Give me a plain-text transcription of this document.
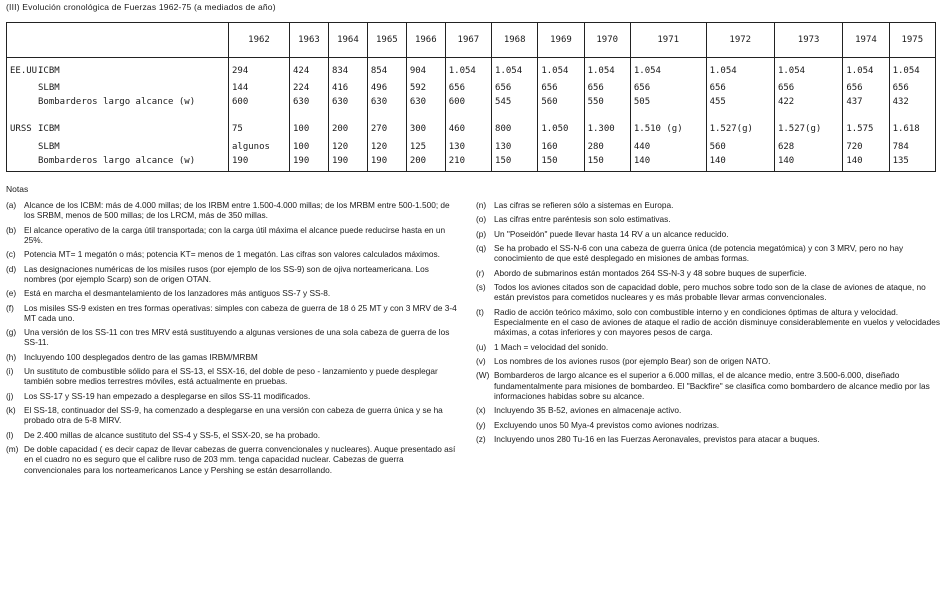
(III) Evolución cronológica de Fuerzas 1962-75 (a mediados de año)
	1962	1963	1964	1965	1966	1967	1968	1969	1970	1971	1972	1973	1974	1975
EE.UU.ICBM	294	424	834	854	904	1.054	1.054	1.054	1.054	1.054	1.054	1.054	1.054	1.054
SLBM	144	224	416	496	592	656	656	656	656	656	656	656	656	656
Bombarderos largo alcance (w)	600	630	630	630	630	600	545	560	550	505	455	422	437	432
URSS ICBM	75	100	200	270	300	460	800	1.050	1.300	1.510 (g)	1.527(g)	1.527(g)	1.575	1.618
SLBM	algunos	100	120	120	125	130	130	160	280	440	560	628	720	784
Bombarderos largo alcance (w)	190	190	190	190	200	210	150	150	150	140	140	140	140	135
Notas
(a) Alcance de los ICBM: más de 4.000 millas; de los IRBM entre 1.500-4.000 millas; de los MRBM entre 500-1.500; de los SRBM, menos de 500 millas; de los LRCM, más de 350 millas.
(b) El alcance operativo de la carga útil transportada; con la carga útil máxima el alcance puede reducirse hasta en un 25%.
(c)	Potencia MT= 1 megatón o más; potencia KT= menos de 1 megatón. Las cifras son valores calculados máximos.
(d) Las designaciones numéricas de los misiles rusos (por ejemplo de los SS-9) son de ojiva norteamericana. Los nombres (por ejemplo Scarp) son de origen OTAN.
(e) Está en marcha el desmantelamiento de los lanzadores más antiguos SS-7 y SS-8.
(f)	Los misiles SS-9 existen en tres formas operativas: simples con cabeza de guerra de 18 ó 25 MT y con 3 MRV de 3-4 MT cada uno.
(g) Una versión de los SS-11 con tres MRV está sustituyendo a algunas versiones de una sola cabeza de guerra de los SS-11.
(h) Incluyendo 100 desplegados dentro de las gamas IRBM/MRBM
(i)	Un sustituto de combustible sólido para el SS-13, el SSX-16, del doble de peso - lanzamiento y puede desplegar también sobre medios terrestres móviles, está actualmente en pruebas.
(j)	Los SS-17 y SS-19 han empezado a desplegarse en silos SS-11 modificados.
(k)	El SS-18, continuador del SS-9, ha comenzado a desplegarse en una versión con cabeza de guerra única y se ha probado otra de 5-8 MIRV.
(l)	De 2.400 millas de alcance sustituto del SS-4 y SS-5, el SSX-20, se ha probado.
(m) De doble capacidad ( es decir capaz de llevar cabezas de guerra convencionales y nucleares). Auque presentado así en el cuadro no es seguro que el calibre ruso de 203 mm. tenga capacidad nuclear. Cabezas de guerra convencionales para los norteamericanos Lance y Pershing se están desarrollando.
(n) Las cifras se refieren sólo a sistemas en Europa.
(o) Las cifras entre paréntesis son solo estimativas.
(p) Un "Poseidón" puede llevar hasta 14 RV a un alcance reducido.
(q) Se ha probado el SS-N-6 con una cabeza de guerra única (de potencia megatómica) y con 3 MRV, pero no hay conocimiento de que esté desplegado en misiones de ambas formas.
(r)	Abordo de submarinos están montados 264 SS-N-3 y 48 sobre buques de superficie.
(s)	Todos los aviones citados son de capacidad doble, pero muchos sobre todo son de la clase de aviones de ataque, no están previstos para cometidos nucleares y es más probable llevar armas convencionales.
(t)	Radio de acción teórico máximo, solo con combustible interno y en condiciones óptimas de altura y velocidad. Especialmente en el caso de aviones de ataque el radio de acción disminuye considerablemente en vuelos y velocidades máximas, a cotas inferiores y con mayores pesos de carga.
(u) 1 Mach = velocidad del sonido.
(v)	Los nombres de los aviones rusos (por ejemplo Bear) son de origen NATO.
(W) Bombarderos de largo alcance es el superior a 6.000 millas, el de alcance medio, entre 3.500-6.000, diseñado fundamentalmente para misiones de bombardeo. El "Backfire" se clasifica como bombardero de alcance medio por las informaciones habidas sobre su alcance.
(x)	Incluyendo 35 B-52, aviones en almacenaje activo.
(y)	Excluyendo unos 50 Mya-4 previstos como aviones nodrizas.
(z)	Incluyendo unos 280 Tu-16 en las Fuerzas Aeronavales, previstos para atacar a buques.
